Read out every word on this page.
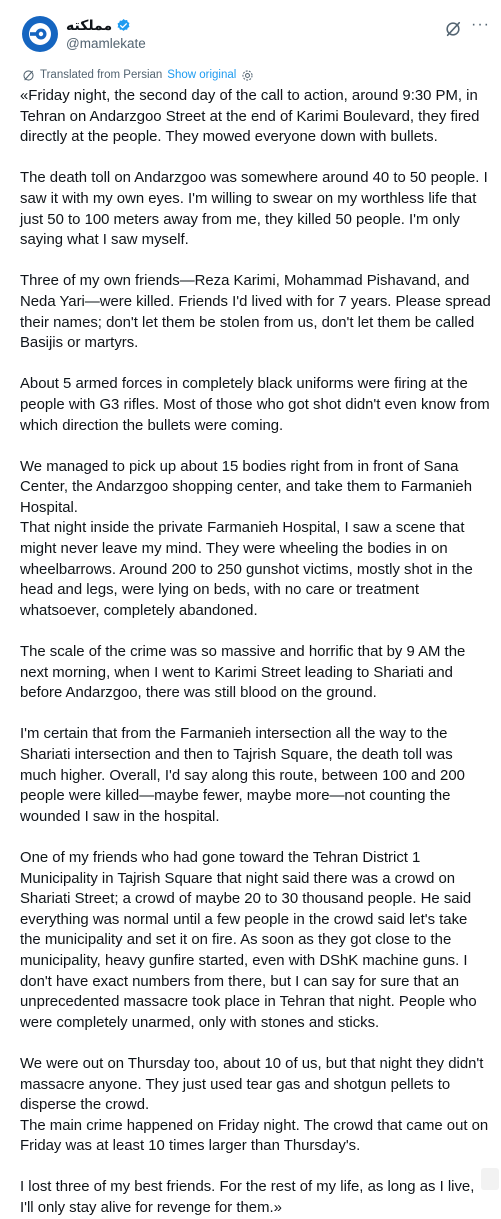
مملکته
@mamlekate
···
Translated from Persian Show original

«Friday night, the second day of the call to action, around 9:30 PM, in Tehran on Andarzgoo Street at the end of Karimi Boulevard, they fired directly at the people. They mowed everyone down with bullets.

The death toll on Andarzgoo was somewhere around 40 to 50 people. I saw it with my own eyes. I'm willing to swear on my worthless life that just 50 to 100 meters away from me, they killed 50 people. I'm only saying what I saw myself.

Three of my own friends—Reza Karimi, Mohammad Pishavand, and Neda Yari—were killed. Friends I'd lived with for 7 years. Please spread their names; don't let them be stolen from us, don't let them be called Basijis or martyrs.

About 5 armed forces in completely black uniforms were firing at the people with G3 rifles. Most of those who got shot didn't even know from which direction the bullets were coming.

We managed to pick up about 15 bodies right from in front of Sana Center, the Andarzgoo shopping center, and take them to Farmanieh Hospital.
That night inside the private Farmanieh Hospital, I saw a scene that might never leave my mind. They were wheeling the bodies in on wheelbarrows. Around 200 to 250 gunshot victims, mostly shot in the head and legs, were lying on beds, with no care or treatment whatsoever, completely abandoned.

The scale of the crime was so massive and horrific that by 9 AM the next morning, when I went to Karimi Street leading to Shariati and before Andarzgoo, there was still blood on the ground.

I'm certain that from the Farmanieh intersection all the way to the Shariati intersection and then to Tajrish Square, the death toll was much higher. Overall, I'd say along this route, between 100 and 200 people were killed—maybe fewer, maybe more—not counting the wounded I saw in the hospital.

One of my friends who had gone toward the Tehran District 1 Municipality in Tajrish Square that night said there was a crowd on Shariati Street; a crowd of maybe 20 to 30 thousand people. He said everything was normal until a few people in the crowd said let's take the municipality and set it on fire. As soon as they got close to the municipality, heavy gunfire started, even with DShK machine guns. I don't have exact numbers from there, but I can say for sure that an unprecedented massacre took place in Tehran that night. People who were completely unarmed, only with stones and sticks.

We were out on Thursday too, about 10 of us, but that night they didn't massacre anyone. They just used tear gas and shotgun pellets to disperse the crowd.
The main crime happened on Friday night. The crowd that came out on Friday was at least 10 times larger than Thursday's.

I lost three of my best friends. For the rest of my life, as long as I live, I'll only stay alive for revenge for them.»
